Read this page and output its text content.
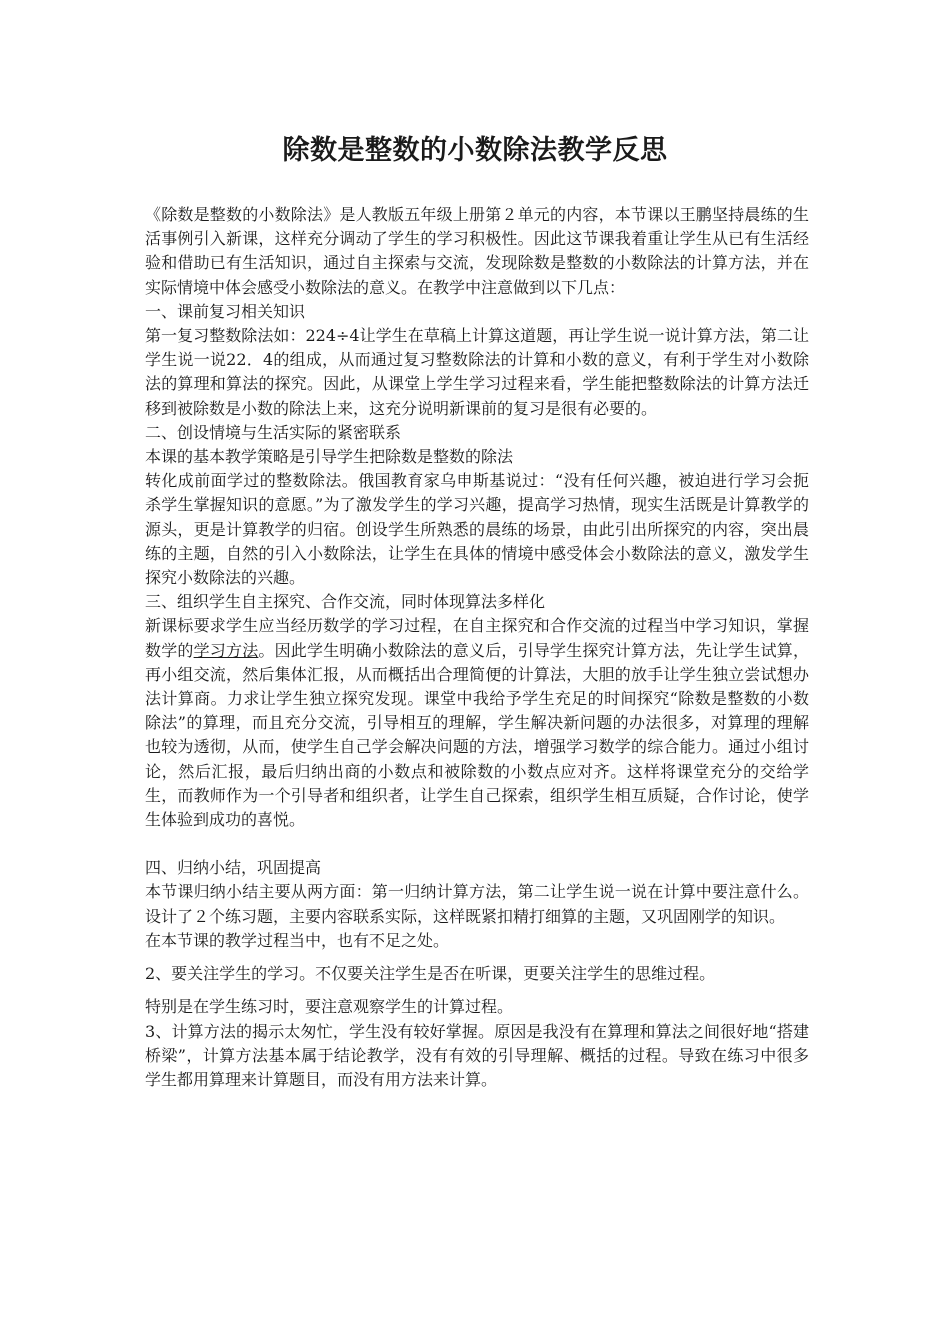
除数是整数的小数除法教学反思

《除数是整数的小数除法》是人教版五年级上册第２单元的内容，本节课以王鹏坚持晨练的生活事例引入新课，这样充分调动了学生的学习积极性。因此这节课我着重让学生从已有生活经验和借助已有生活知识，通过自主探索与交流，发现除数是整数的小数除法的计算方法，并在实际情境中体会感受小数除法的意义。在教学中注意做到以下几点：

一、课前复习相关知识

第一复习整数除法如：224÷4让学生在草稿上计算这道题，再让学生说一说计算方法，第二让学生说一说22．4的组成，从而通过复习整数除法的计算和小数的意义，有利于学生对小数除法的算理和算法的探究。因此，从课堂上学生学习过程来看，学生能把整数除法的计算方法迁移到被除数是小数的除法上来，这充分说明新课前的复习是很有必要的。

二、创设情境与生活实际的紧密联系

本课的基本教学策略是引导学生把除数是整数的除法

转化成前面学过的整数除法。俄国教育家乌申斯基说过：“没有任何兴趣，被迫进行学习会扼杀学生掌握知识的意愿。”为了激发学生的学习兴趣，提高学习热情，现实生活既是计算教学的源头，更是计算教学的归宿。创设学生所熟悉的晨练的场景，由此引出所探究的内容，突出晨练的主题，自然的引入小数除法，让学生在具体的情境中感受体会小数除法的意义，激发学生探究小数除法的兴趣。

三、组织学生自主探究、合作交流，同时体现算法多样化

新课标要求学生应当经历数学的学习过程，在自主探究和合作交流的过程当中学习知识，掌握数学的学习方法。因此学生明确小数除法的意义后，引导学生探究计算方法，先让学生试算，再小组交流，然后集体汇报，从而概括出合理简便的计算法，大胆的放手让学生独立尝试想办法计算商。力求让学生独立探究发现。课堂中我给予学生充足的时间探究“除数是整数的小数除法”的算理，而且充分交流，引导相互的理解，学生解决新问题的办法很多，对算理的理解也较为透彻，从而，使学生自己学会解决问题的方法，增强学习数学的综合能力。通过小组讨论，然后汇报，最后归纳出商的小数点和被除数的小数点应对齐。这样将课堂充分的交给学生，而教师作为一个引导者和组织者，让学生自己探索，组织学生相互质疑，合作讨论，使学生体验到成功的喜悦。

四、归纳小结，巩固提高

本节课归纳小结主要从两方面：第一归纳计算方法，第二让学生说一说在计算中要注意什么。设计了２个练习题，主要内容联系实际，这样既紧扣精打细算的主题，又巩固刚学的知识。

在本节课的教学过程当中，也有不足之处。

2、要关注学生的学习。不仅要关注学生是否在听课，更要关注学生的思维过程。

特别是在学生练习时，要注意观察学生的计算过程。

3、计算方法的揭示太匆忙，学生没有较好掌握。原因是我没有在算理和算法之间很好地“搭建桥梁”，计算方法基本属于结论教学，没有有效的引导理解、概括的过程。导致在练习中很多学生都用算理来计算题目，而没有用方法来计算。
